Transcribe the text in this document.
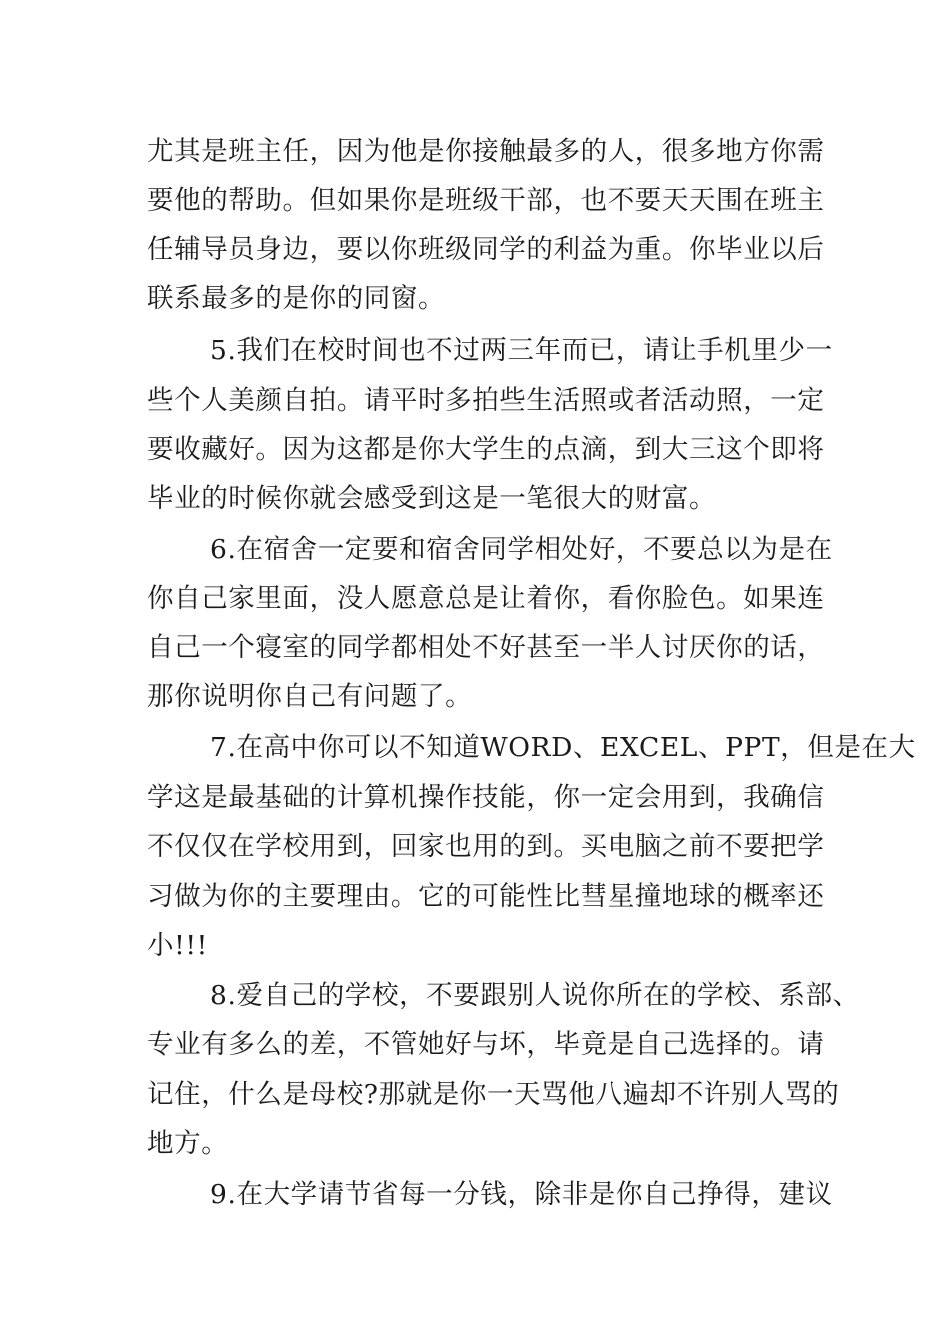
尤其是班主任，因为他是你接触最多的人，很多地方你需
要他的帮助。但如果你是班级干部，也不要天天围在班主
任辅导员身边，要以你班级同学的利益为重。你毕业以后
联系最多的是你的同窗。
5.我们在校时间也不过两三年而已，请让手机里少一
些个人美颜自拍。请平时多拍些生活照或者活动照，一定
要收藏好。因为这都是你大学生的点滴，到大三这个即将
毕业的时候你就会感受到这是一笔很大的财富。
6.在宿舍一定要和宿舍同学相处好，不要总以为是在
你自己家里面，没人愿意总是让着你，看你脸色。如果连
自己一个寝室的同学都相处不好甚至一半人讨厌你的话，
那你说明你自己有问题了。
7.在高中你可以不知道WORD、EXCEL、PPT，但是在大
学这是最基础的计算机操作技能，你一定会用到，我确信
不仅仅在学校用到，回家也用的到。买电脑之前不要把学
习做为你的主要理由。它的可能性比彗星撞地球的概率还
小!!!
8.爱自己的学校，不要跟别人说你所在的学校、系部、
专业有多么的差，不管她好与坏，毕竟是自己选择的。请
记住，什么是母校?那就是你一天骂他八遍却不许别人骂的
地方。
9.在大学请节省每一分钱，除非是你自己挣得，建议
